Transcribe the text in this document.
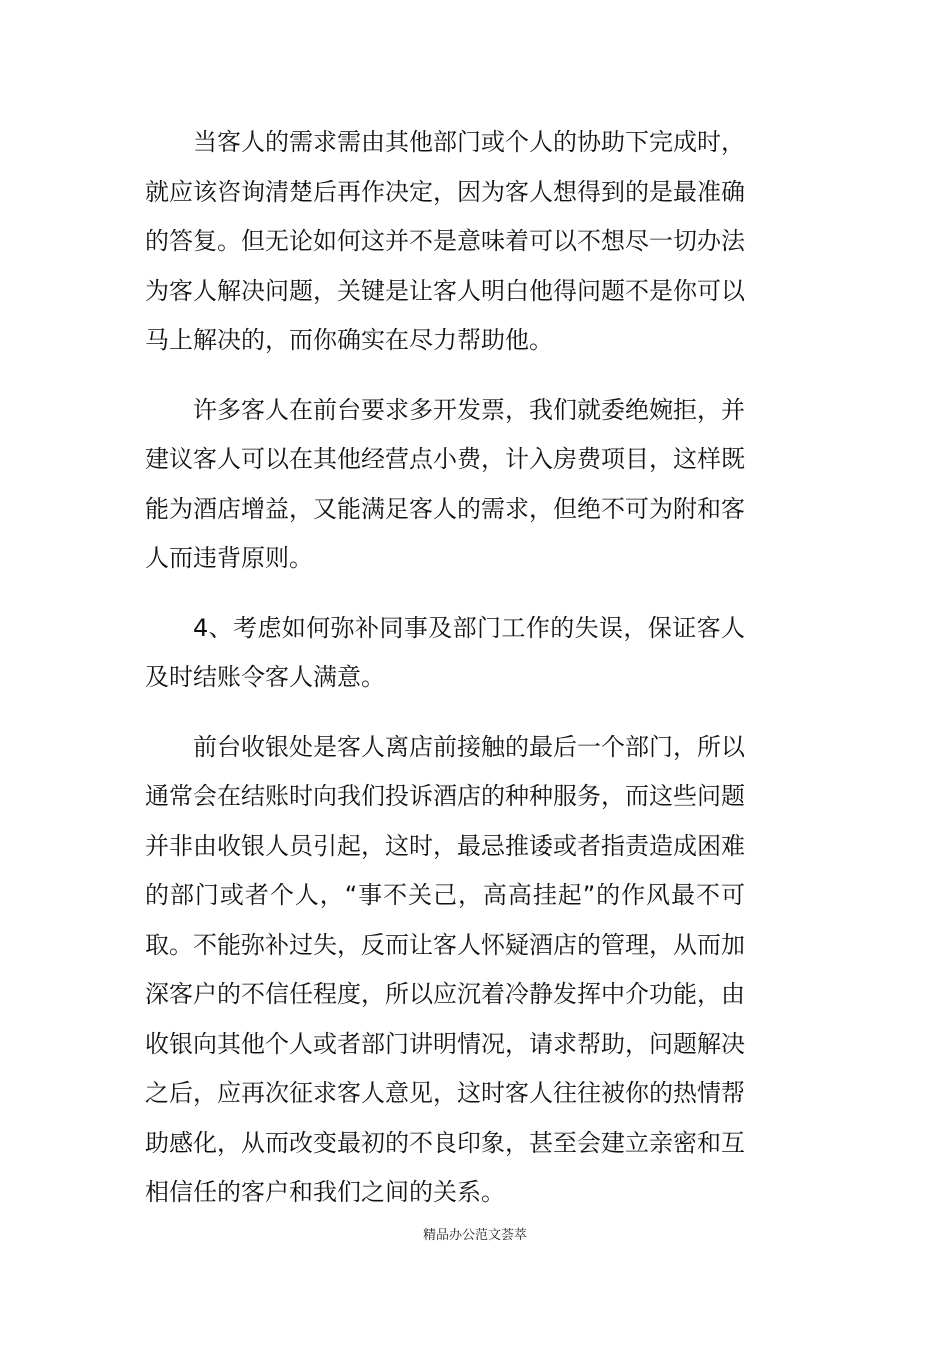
当客人的需求需由其他部门或个人的协助下完成时，就应该咨询清楚后再作决定，因为客人想得到的是最准确的答复。但无论如何这并不是意味着可以不想尽一切办法为客人解决问题，关键是让客人明白他得问题不是你可以马上解决的，而你确实在尽力帮助他。

许多客人在前台要求多开发票，我们就委绝婉拒，并建议客人可以在其他经营点小费，计入房费项目，这样既能为酒店增益，又能满足客人的需求，但绝不可为附和客人而违背原则。

4、考虑如何弥补同事及部门工作的失误，保证客人及时结账令客人满意。

前台收银处是客人离店前接触的最后一个部门，所以通常会在结账时向我们投诉酒店的种种服务，而这些问题并非由收银人员引起，这时，最忌推诿或者指责造成困难的部门或者个人，“事不关己，高高挂起”的作风最不可取。不能弥补过失，反而让客人怀疑酒店的管理，从而加深客户的不信任程度，所以应沉着冷静发挥中介功能，由收银向其他个人或者部门讲明情况，请求帮助，问题解决之后，应再次征求客人意见，这时客人往往被你的热情帮助感化，从而改变最初的不良印象，甚至会建立亲密和互相信任的客户和我们之间的关系。

精品办公范文荟萃
